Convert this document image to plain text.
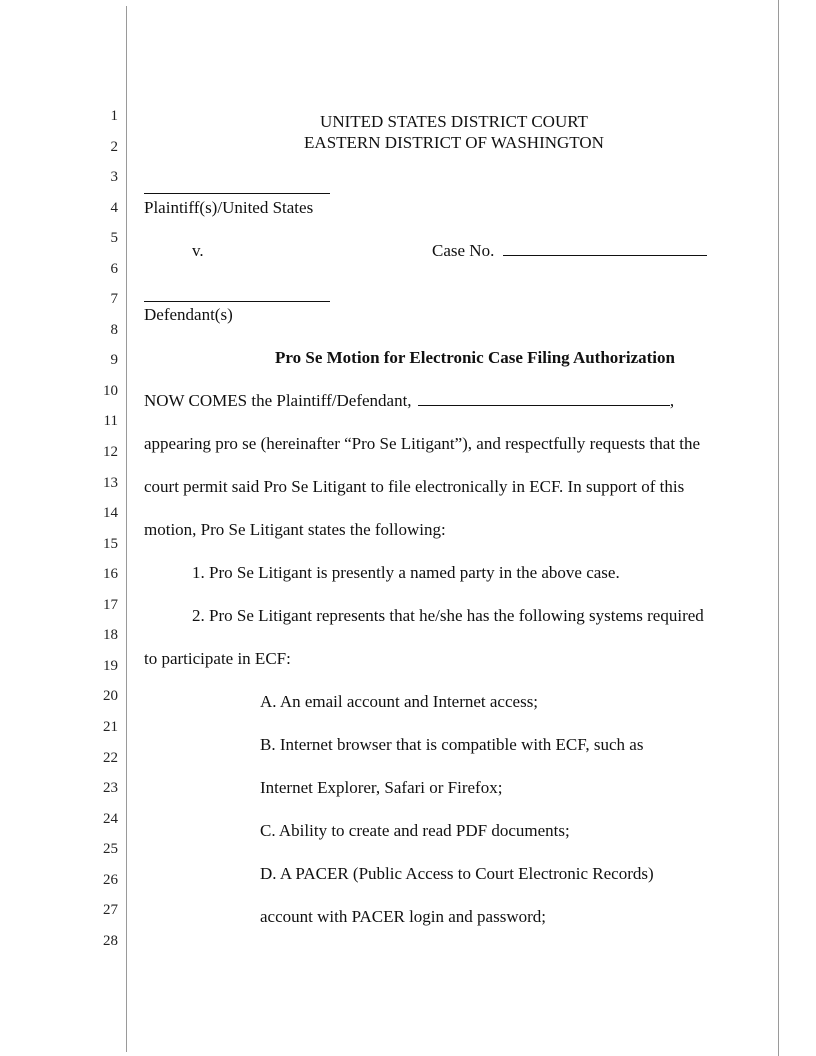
1
2
3
4
5
6
7
8
9
10
11
12
13
14
15
16
17
18
19
20
21
22
23
24
25
26
27
28
UNITED STATES DISTRICT COURT
EASTERN DISTRICT OF WASHINGTON
Plaintiff(s)/United States
v.	Case No.
Defendant(s)
Pro Se Motion for Electronic Case Filing Authorization
NOW COMES the Plaintiff/Defendant,	,
appearing pro se (hereinafter “Pro Se Litigant”), and respectfully requests that the
court permit said Pro Se Litigant to file electronically in ECF. In support of this
motion, Pro Se Litigant states the following:
1. Pro Se Litigant is presently a named party in the above case.
2. Pro Se Litigant represents that he/she has the following systems required
to participate in ECF:
A. An email account and Internet access;
B. Internet browser that is compatible with ECF, such as
Internet Explorer, Safari or Firefox;
C. Ability to create and read PDF documents;
D. A PACER (Public Access to Court Electronic Records)
account with PACER login and password;
